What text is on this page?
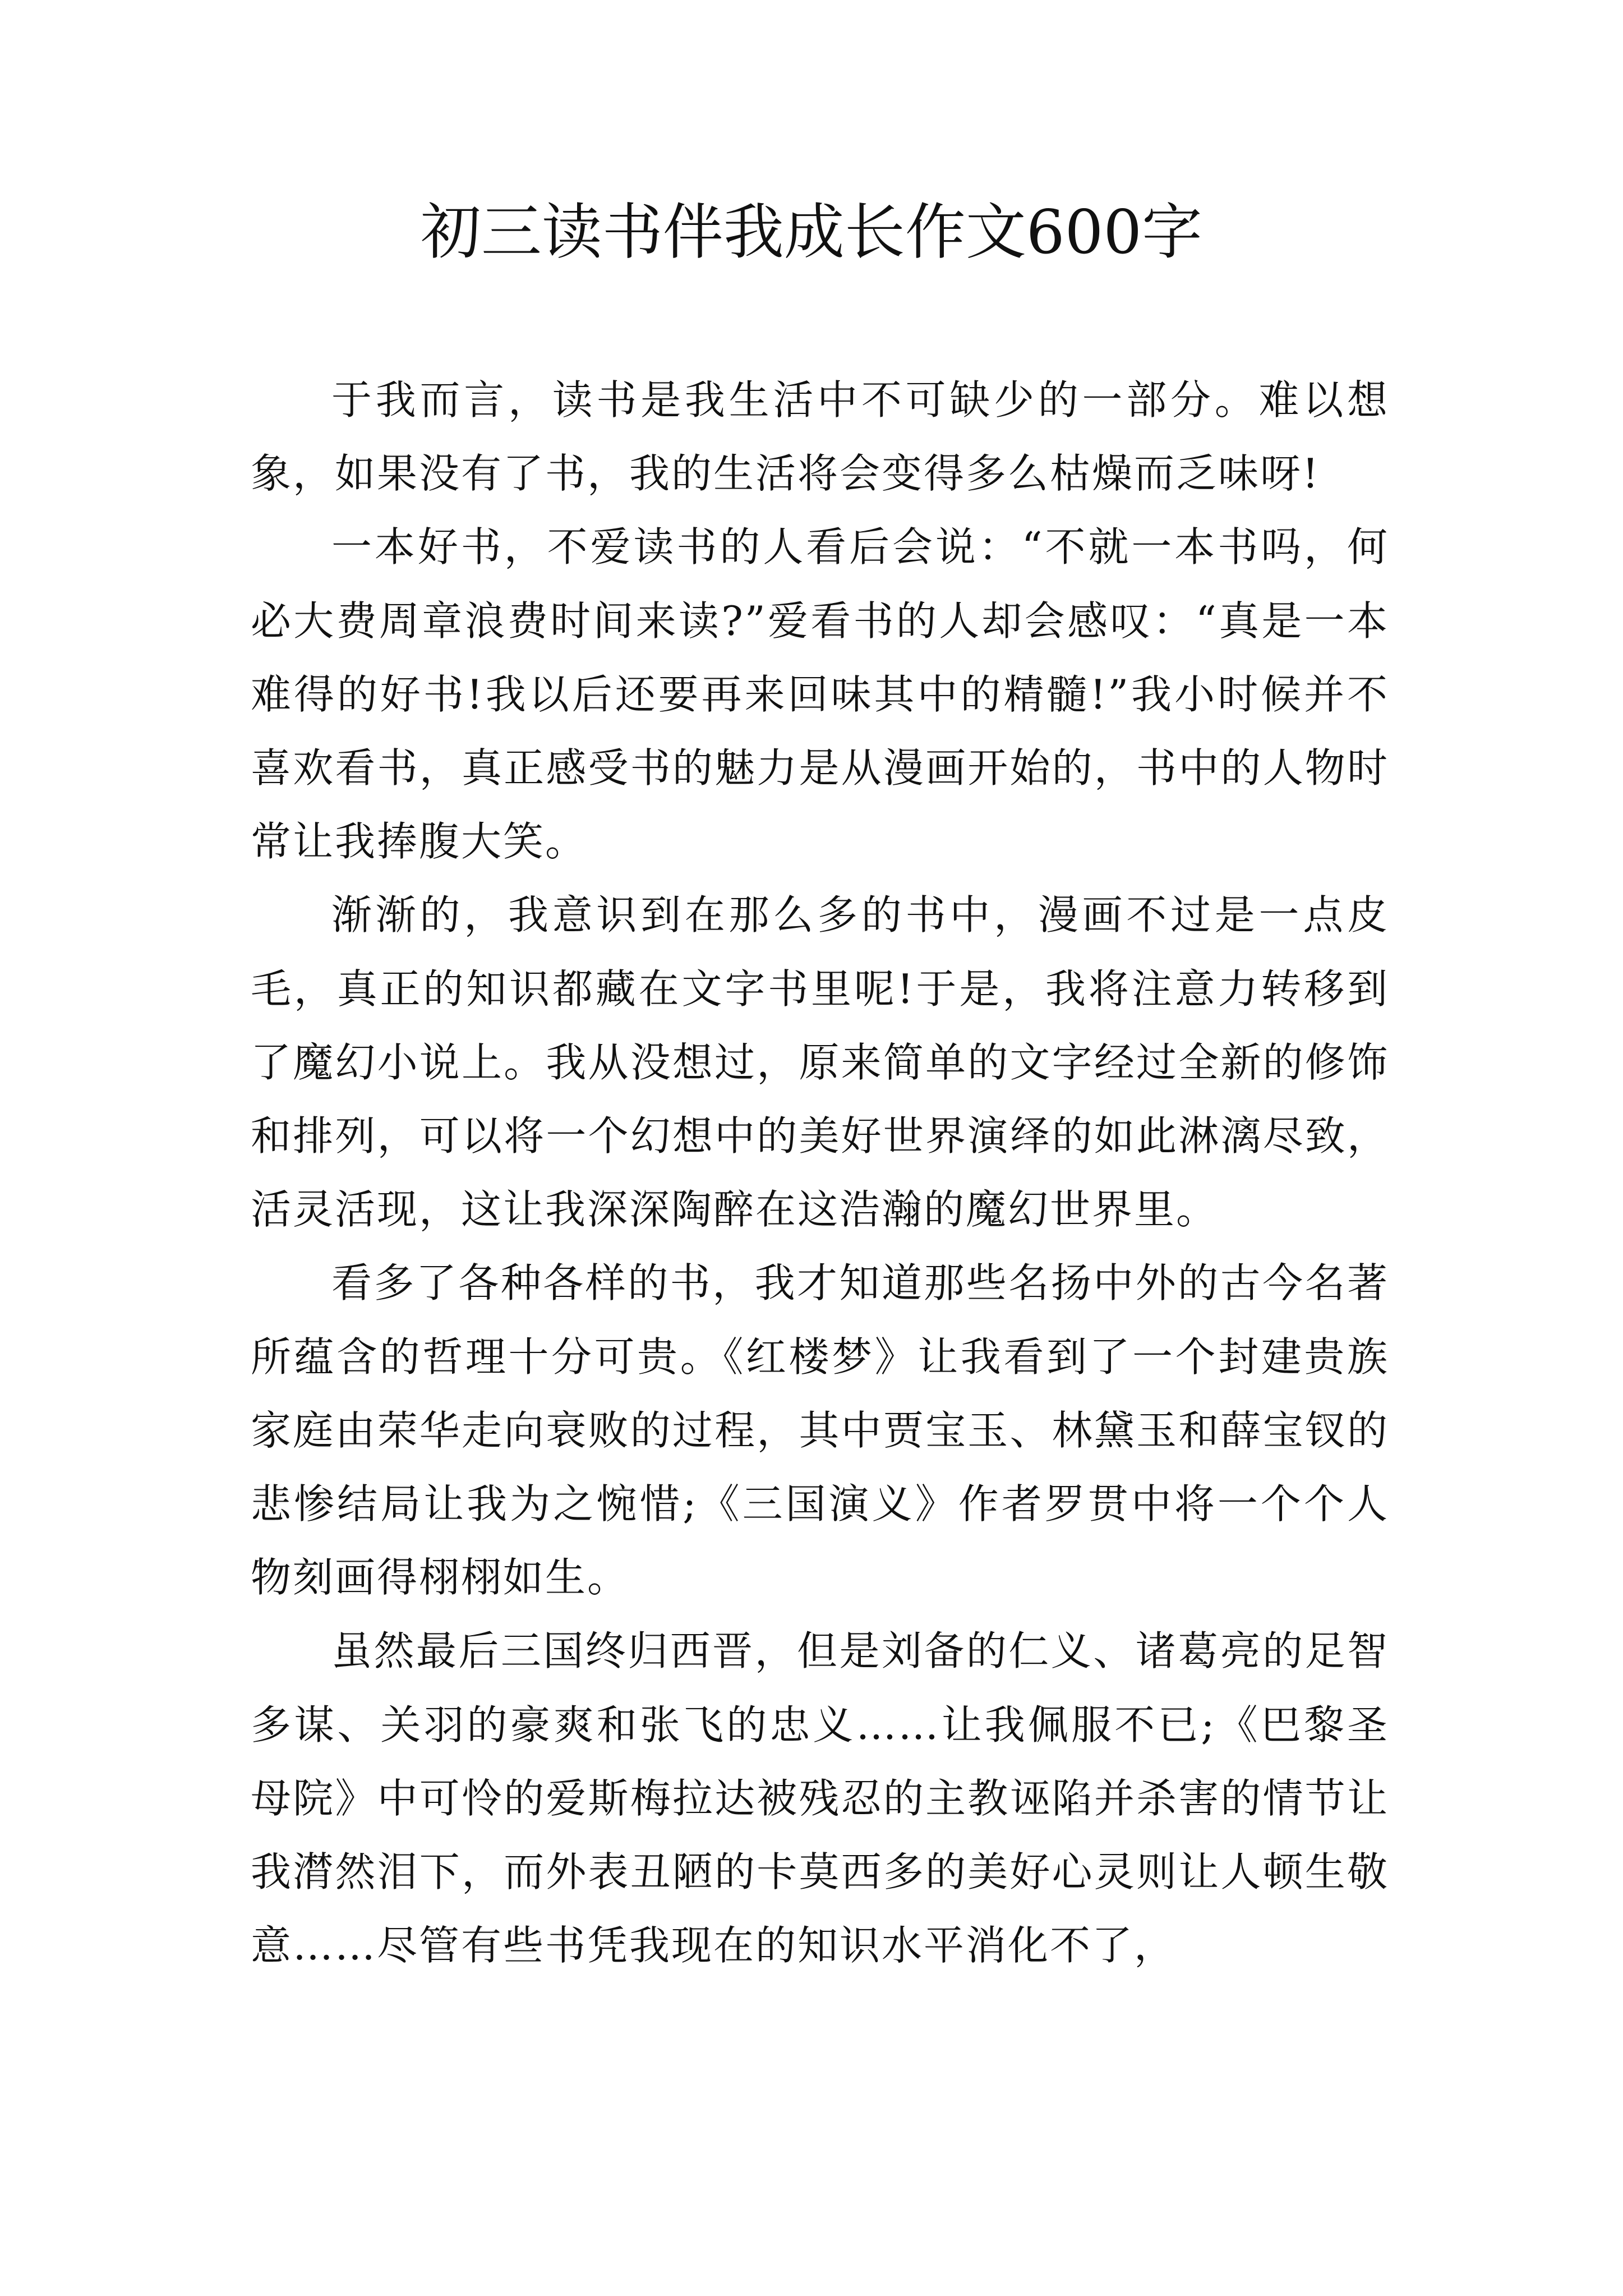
初三读书伴我成长作文600字

于我而言，读书是我生活中不可缺少的一部分。难以想象，如果没有了书，我的生活将会变得多么枯燥而乏味呀!

一本好书，不爱读书的人看后会说：“不就一本书吗，何必大费周章浪费时间来读?”爱看书的人却会感叹：“真是一本难得的好书!我以后还要再来回味其中的精髓!”我小时候并不喜欢看书，真正感受书的魅力是从漫画开始的，书中的人物时常让我捧腹大笑。

渐渐的，我意识到在那么多的书中，漫画不过是一点皮毛，真正的知识都藏在文字书里呢!于是，我将注意力转移到了魔幻小说上。我从没想过，原来简单的文字经过全新的修饰和排列，可以将一个幻想中的美好世界演绎的如此淋漓尽致，活灵活现，这让我深深陶醉在这浩瀚的魔幻世界里。

看多了各种各样的书，我才知道那些名扬中外的古今名著所蕴含的哲理十分可贵。《红楼梦》让我看到了一个封建贵族家庭由荣华走向衰败的过程，其中贾宝玉、林黛玉和薛宝钗的悲惨结局让我为之惋惜;《三国演义》作者罗贯中将一个个人物刻画得栩栩如生。

虽然最后三国终归西晋，但是刘备的仁义、诸葛亮的足智多谋、关羽的豪爽和张飞的忠义……让我佩服不已;《巴黎圣母院》中可怜的爱斯梅拉达被残忍的主教诬陷并杀害的情节让我潸然泪下，而外表丑陋的卡莫西多的美好心灵则让人顿生敬意……尽管有些书凭我现在的知识水平消化不了，
